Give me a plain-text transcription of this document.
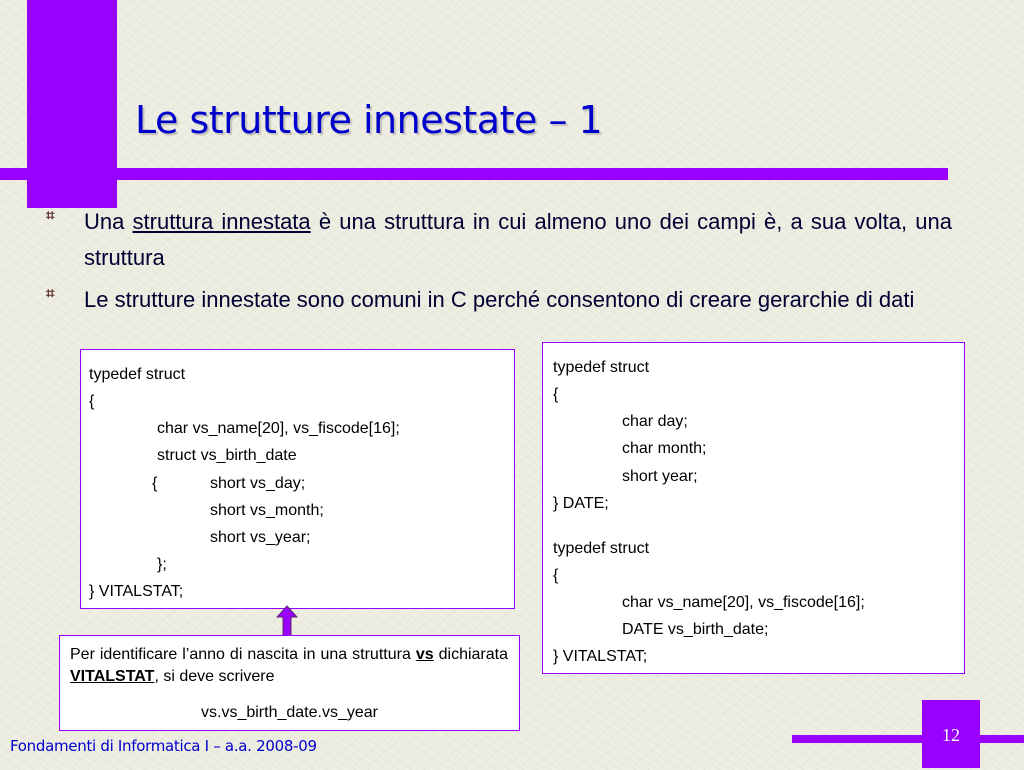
Le strutture innestate – 1
⌗ Una struttura innestata è una struttura in cui almeno uno dei campi è, a sua volta, una struttura
⌗ Le strutture innestate sono comuni in C perché consentono di creare gerarchie di dati
typedef struct
{
char vs_name[20], vs_fiscode[16];
struct vs_birth_date
{	short vs_day;
short vs_month;
short vs_year;
};
} VITALSTAT;
typedef struct
{
char day;
char month;
short year;
} DATE;
typedef struct
{
char vs_name[20], vs_fiscode[16];
DATE vs_birth_date;
} VITALSTAT;
Per identificare l’anno di nascita in una struttura vs dichiarata VITALSTAT, si deve scrivere
vs.vs_birth_date.vs_year
Fondamenti di Informatica I – a.a. 2008-09
12
